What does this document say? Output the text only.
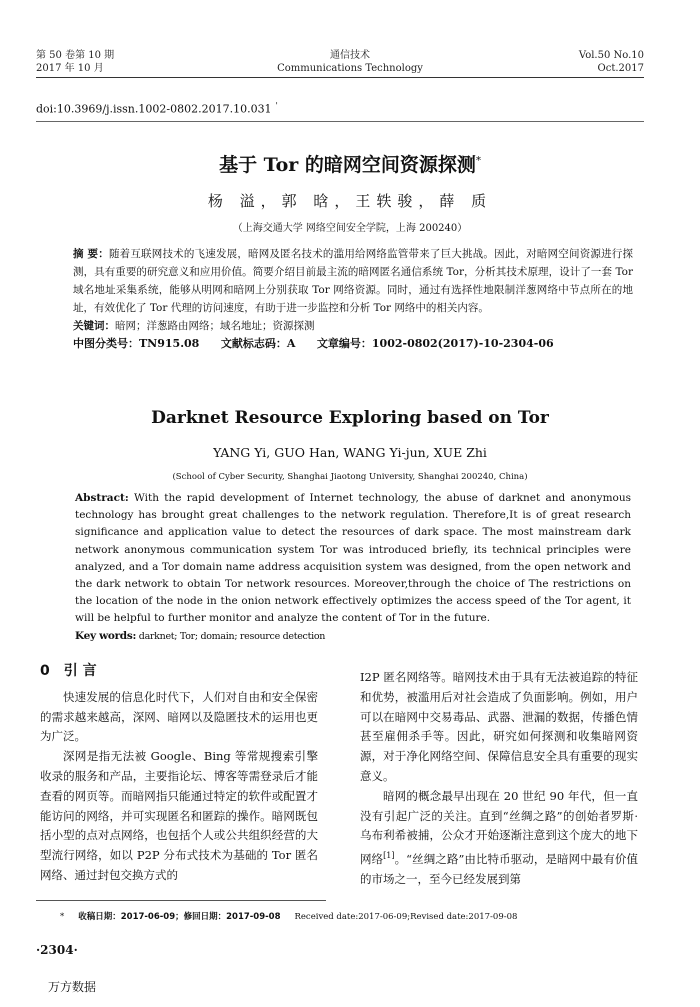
第 50 卷第 10 期
2017 年 10 月
通信技术
Communications Technology
Vol.50 No.10
Oct.2017
doi:10.3969/j.issn.1002-0802.2017.10.031 '
基于 Tor 的暗网空间资源探测*
杨 溢，郭 晗，王轶骏，薛 质
（上海交通大学 网络空间安全学院，上海 200240）
摘 要：随着互联网技术的飞速发展，暗网及匿名技术的滥用给网络监管带来了巨大挑战。因此，对暗网空间资源进行探测，具有重要的研究意义和应用价值。简要介绍目前最主流的暗网匿名通信系统 Tor，分析其技术原理，设计了一套 Tor 域名地址采集系统，能够从明网和暗网上分别获取 Tor 网络资源。同时，通过有选择性地限制洋葱网络中节点所在的地址，有效优化了 Tor 代理的访问速度，有助于进一步监控和分析 Tor 网络中的相关内容。
关键词：暗网；洋葱路由网络；域名地址；资源探测
中图分类号：TN915.08 文献标志码：A 文章编号：1002-0802(2017)-10-2304-06
Darknet Resource Exploring based on Tor
YANG Yi, GUO Han, WANG Yi-jun, XUE Zhi
(School of Cyber Security, Shanghai Jiaotong University, Shanghai 200240, China)
Abstract: With the rapid development of Internet technology, the abuse of darknet and anonymous technology has brought great challenges to the network regulation. Therefore,It is of great research significance and application value to detect the resources of dark space. The most mainstream dark network anonymous communication system Tor was introduced briefly, its technical principles were analyzed, and a Tor domain name address acquisition system was designed, from the open network and the dark network to obtain Tor network resources. Moreover,through the choice of The restrictions on the location of the node in the onion network effectively optimizes the access speed of the Tor agent, it will be helpful to further monitor and analyze the content of Tor in the future.
Key words: darknet; Tor; domain; resource detection
0 引 言

快速发展的信息化时代下，人们对自由和安全保密的需求越来越高，深网、暗网以及隐匿技术的运用也更为广泛。

深网是指无法被 Google、Bing 等常规搜索引擎收录的服务和产品，主要指论坛、博客等需登录后才能查看的网页等。而暗网指只能通过特定的软件或配置才能访问的网络，并可实现匿名和匿踪的操作。暗网既包括小型的点对点网络，也包括个人或公共组织经营的大型流行网络，如以 P2P 分布式技术为基础的 Tor 匿名网络、通过封包交换方式的

I2P 匿名网络等。暗网技术由于具有无法被追踪的特征和优势，被滥用后对社会造成了负面影响。例如，用户可以在暗网中交易毒品、武器、泄漏的数据，传播色情甚至雇佣杀手等。因此，研究如何探测和收集暗网资源，对于净化网络空间、保障信息安全具有重要的现实意义。

暗网的概念最早出现在 20 世纪 90 年代，但一直没有引起广泛的关注。直到“丝绸之路”的创始者罗斯·乌布利希被捕，公众才开始逐渐注意到这个庞大的地下网络[1]。“丝绸之路”由比特币驱动，是暗网中最有价值的市场之一，至今已经发展到第

* 收稿日期：2017-06-09；修回日期：2017-09-08 Received date:2017-06-09;Revised date:2017-09-08
·2304·
万方数据
